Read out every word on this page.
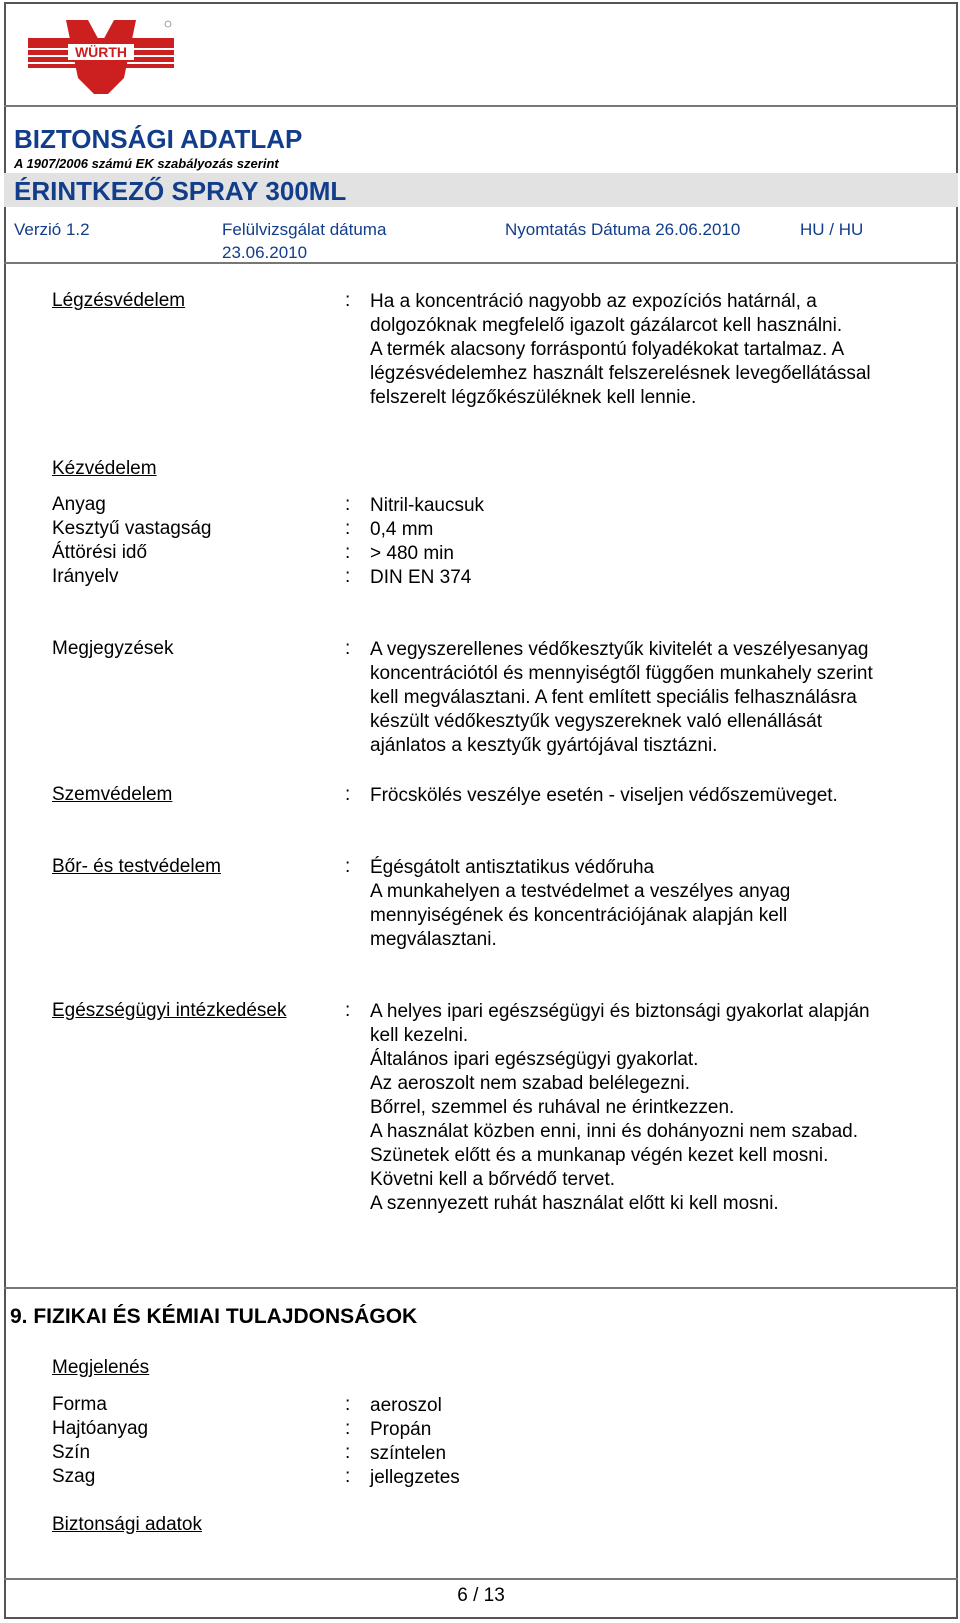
WÜRTH
BIZTONSÁGI ADATLAP
A 1907/2006 számú EK szabályozás szerint
ÉRINTKEZŐ SPRAY 300ML
Verzió 1.2	Felülvizsgálat dátuma
23.06.2010
Nyomtatás Dátuma 26.06.2010	HU / HU
Légzésvédelem	: Ha a koncentráció nagyobb az expozíciós határnál, a
dolgozóknak megfelelő igazolt gázálarcot kell használni.
A termék alacsony forráspontú folyadékokat tartalmaz. A
légzésvédelemhez használt felszerelésnek levegőellátással
felszerelt légzőkészüléknek kell lennie.
Kézvédelem
Anyag	: Nitril-kaucsuk
Kesztyű vastagság	: 0,4 mm
Áttörési idő	: > 480 min
Irányelv	: DIN EN 374
Megjegyzések	: A vegyszerellenes védőkesztyűk kivitelét a veszélyesanyag
koncentrációtól és mennyiségtől függően munkahely szerint
kell megválasztani. A fent említett speciális felhasználásra
készült védőkesztyűk vegyszereknek való ellenállását
ajánlatos a kesztyűk gyártójával tisztázni.
Szemvédelem	: Fröcskölés veszélye esetén - viseljen védőszemüveget.
Bőr- és testvédelem	: Égésgátolt antisztatikus védőruha
A munkahelyen a testvédelmet a veszélyes anyag
mennyiségének és koncentrációjának alapján kell
megválasztani.
Egészségügyi intézkedések	: A helyes ipari egészségügyi és biztonsági gyakorlat alapján
kell kezelni.
Általános ipari egészségügyi gyakorlat.
Az aeroszolt nem szabad belélegezni.
Bőrrel, szemmel és ruhával ne érintkezzen.
A használat közben enni, inni és dohányozni nem szabad.
Szünetek előtt és a munkanap végén kezet kell mosni.
Követni kell a bőrvédő tervet.
A szennyezett ruhát használat előtt ki kell mosni.
9. FIZIKAI ÉS KÉMIAI TULAJDONSÁGOK
Megjelenés
Forma	: aeroszol
Hajtóanyag	: Propán
Szín	: színtelen
Szag	: jellegzetes
Biztonsági adatok
6 / 13
